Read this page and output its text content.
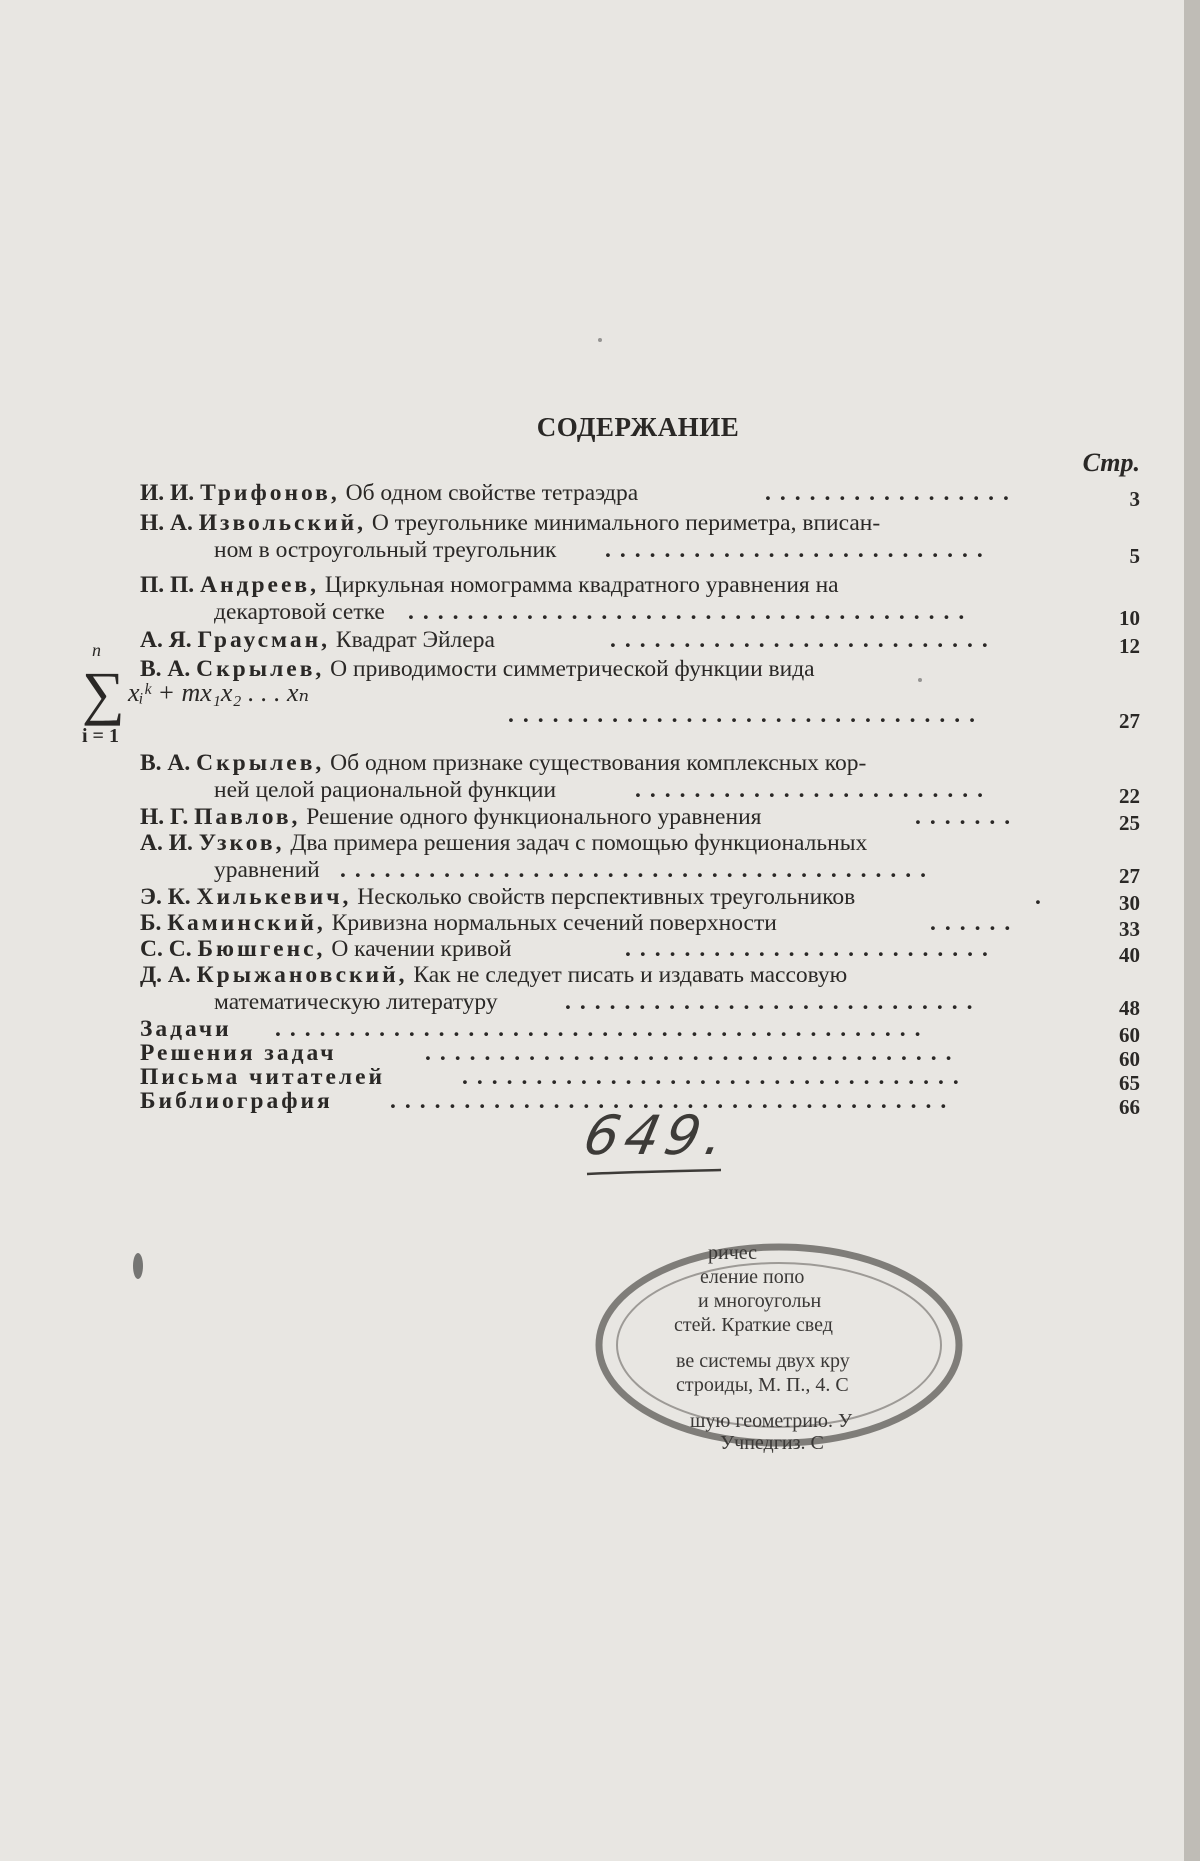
СОДЕРЖАНИЕ
Стр.
И. И. Трифонов, Об одном свойстве тетраэдра	.................	3
Н. А. Извольский, О треугольнике минимального периметра, вписан-
ном в остроугольный треугольник ..........................	5
П. П. Андреев, Циркульная номограмма квадратного уравнения на
декартовой сетке ......................................	10
А. Я. Граусман, Квадрат Эйлера	..........................	12
В. А. Скрылев, О приводимости симметрической функции вида
................................	27
В. А. Скрылев, Об одном признаке существования комплексных кор-
ней целой рациональной функции	........................	22
Н. Г. Павлов, Решение одного функционального уравнения	.......	25
А. И. Узков, Два примера решения задач с помощью функциональных
уравнений ........................................	27
Э. К. Хилькевич, Несколько свойств перспективных треугольников	.	30
Б. Каминский, Кривизна нормальных сечений поверхности	......	33
С. С. Бюшгенс, О качении кривой	.........................	40
Д. А. Крыжановский, Как не следует писать и издавать массовую
математическую литературу	............................	48
Задачи ............................................	60
Решения задач	....................................	60
Письма читателей	..................................	65
Библиография ......................................	66
n
∑
i = 1
xᵢᵏ + mx₁x₂ . . . xₙ
649.
ричес
еление попо
и многоугольн
стей. Краткие свед
ве системы двух кру
строиды, М. П., 4. С
шую геометрию. У
Учпедгиз. С
